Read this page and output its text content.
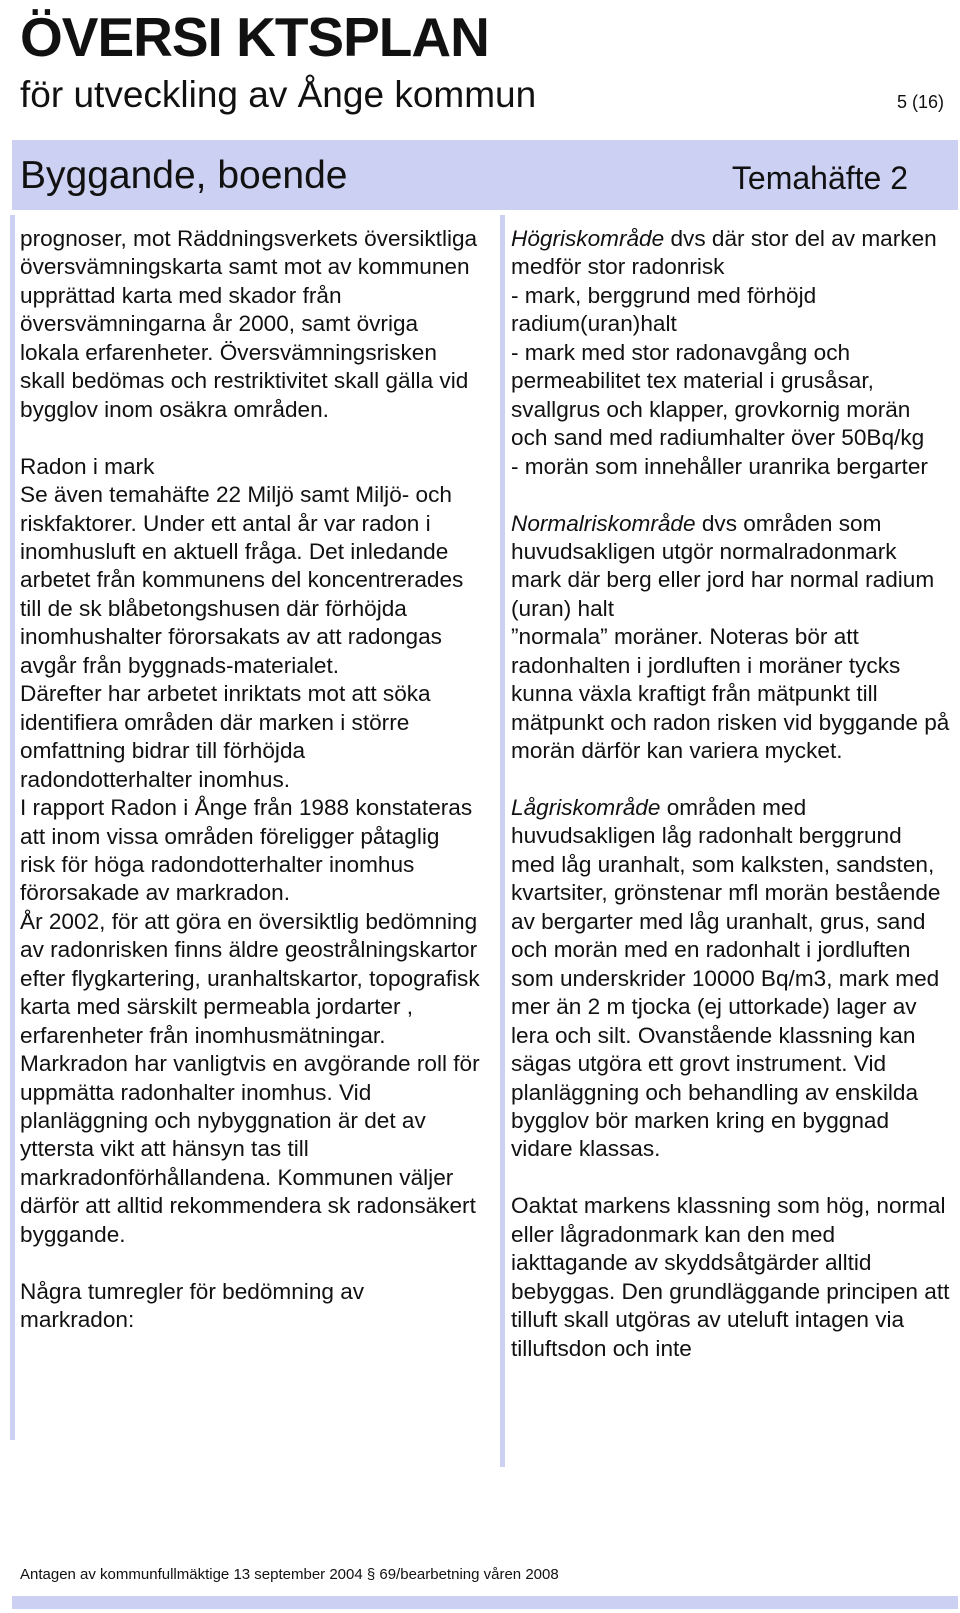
ÖVERSI KTSPLAN
för utveckling av Ånge kommun	5 (16)
Byggande, boende	Temahäfte 2

prognoser, mot Räddningsverkets översiktliga översvämningskarta samt mot av kommunen upprättad karta med skador från översvämningarna år 2000, samt övriga lokala erfarenheter. Översvämningsrisken skall bedömas och restriktivitet skall gälla vid bygglov inom osäkra områden.

Radon i mark

Se även temahäfte 22 Miljö samt Miljö- och riskfaktorer. Under ett antal år var radon i inomhusluft en aktuell fråga. Det inledande arbetet från kommunens del koncentrerades till de sk blåbetongshusen där förhöjda inomhushalter förorsakats av att radongas avgår från byggnads-materialet.

Därefter har arbetet inriktats mot att söka identifiera områden där marken i större omfattning bidrar till förhöjda radondotterhalter inomhus.

I rapport Radon i Ånge från 1988 konstateras att inom vissa områden föreligger påtaglig risk för höga radondotterhalter inomhus förorsakade av markradon.

År 2002, för att göra en översiktlig bedömning av radonrisken finns äldre geostrålningskartor efter flygkartering, uranhaltskartor, topografisk karta med särskilt permeabla jordarter , erfarenheter från inomhusmätningar. Markradon har vanligtvis en avgörande roll för uppmätta radonhalter inomhus. Vid planläggning och nybyggnation är det av yttersta vikt att hänsyn tas till markradonförhållandena. Kommunen väljer därför att alltid rekommendera sk radonsäkert byggande.

Några tumregler för bedömning av markradon:

Högriskområde dvs där stor del av marken medför stor radonrisk

- mark, berggrund med förhöjd radium(uran)halt

- mark med stor radonavgång och permeabilitet tex material i grusåsar, svallgrus och klapper, grovkornig morän och sand med radiumhalter över 50Bq/kg

- morän som innehåller uranrika bergarter

Normalriskområde dvs områden som huvudsakligen utgör normalradonmark mark där berg eller jord har normal radium (uran) halt

”normala” moräner. Noteras bör att radonhalten i jordluften i moräner tycks kunna växla kraftigt från mätpunkt till mätpunkt och radon risken vid byggande på morän därför kan variera mycket.

Lågriskområde områden med huvudsakligen låg radonhalt berggrund med låg uranhalt, som kalksten, sandsten, kvartsiter, grönstenar mfl morän bestående av bergarter med låg uranhalt, grus, sand och morän med en radonhalt i jordluften som underskrider 10000 Bq/m3, mark med mer än 2 m tjocka (ej uttorkade) lager av lera och silt. Ovanstående klassning kan sägas utgöra ett grovt instrument. Vid planläggning och behandling av enskilda bygglov bör marken kring en byggnad vidare klassas.

Oaktat markens klassning som hög, normal eller lågradonmark kan den med iakttagande av skyddsåtgärder alltid bebyggas. Den grundläggande principen att tilluft skall utgöras av uteluft intagen via tilluftsdon och inte

Antagen av kommunfullmäktige 13 september 2004 § 69/bearbetning våren 2008
